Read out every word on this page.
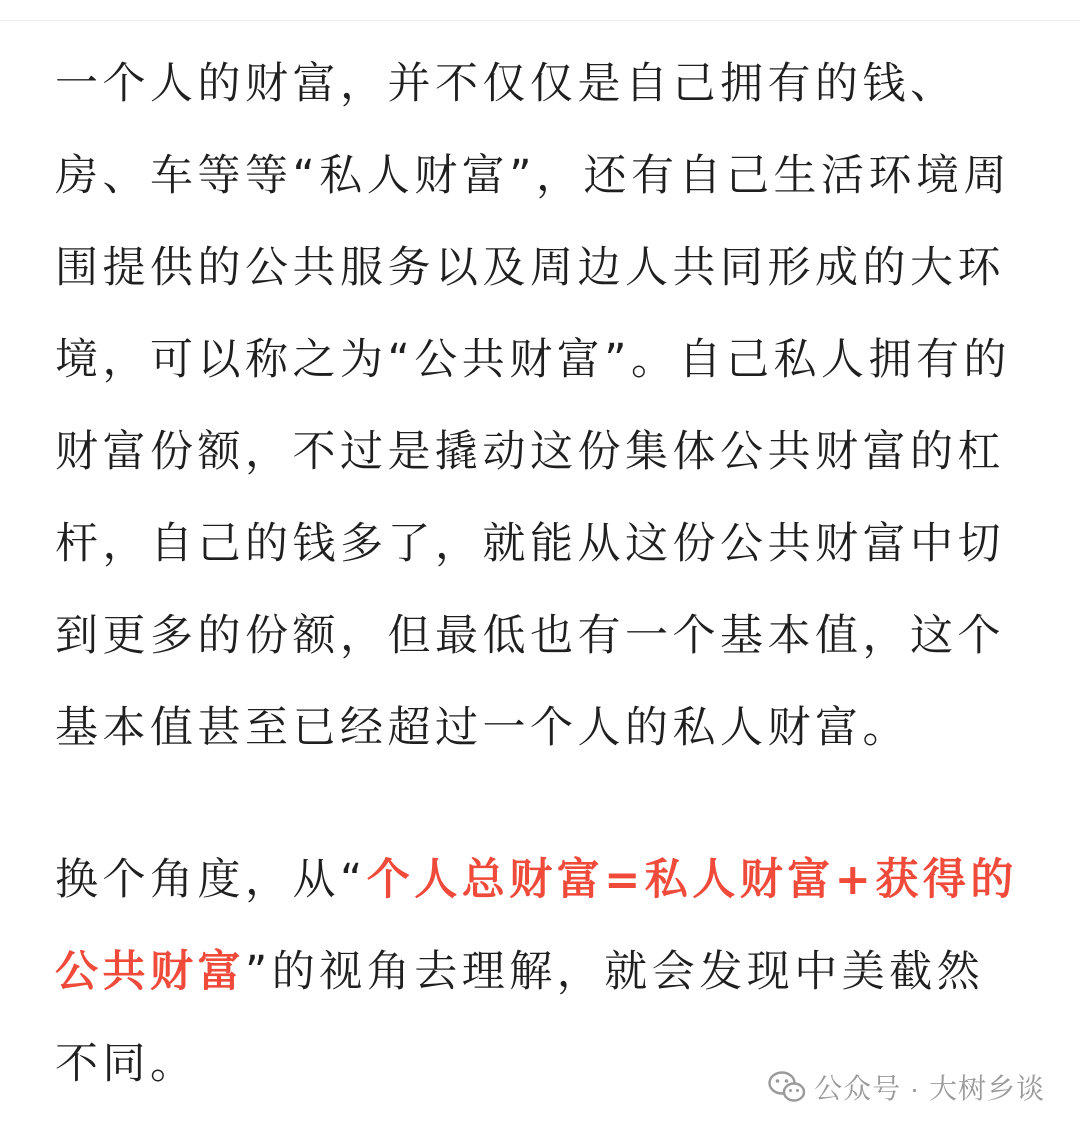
一个人的财富，并不仅仅是自己拥有的钱、房、车等等“私人财富”，还有自己生活环境周围提供的公共服务以及周边人共同形成的大环境，可以称之为“公共财富”。自己私人拥有的财富份额，不过是撬动这份集体公共财富的杠杆，自己的钱多了，就能从这份公共财富中切到更多的份额，但最低也有一个基本值，这个基本值甚至已经超过一个人的私人财富。

换个角度，从“个人总财富=私人财富+获得的公共财富”的视角去理解，就会发现中美截然不同。	公众号 · 大树乡谈
